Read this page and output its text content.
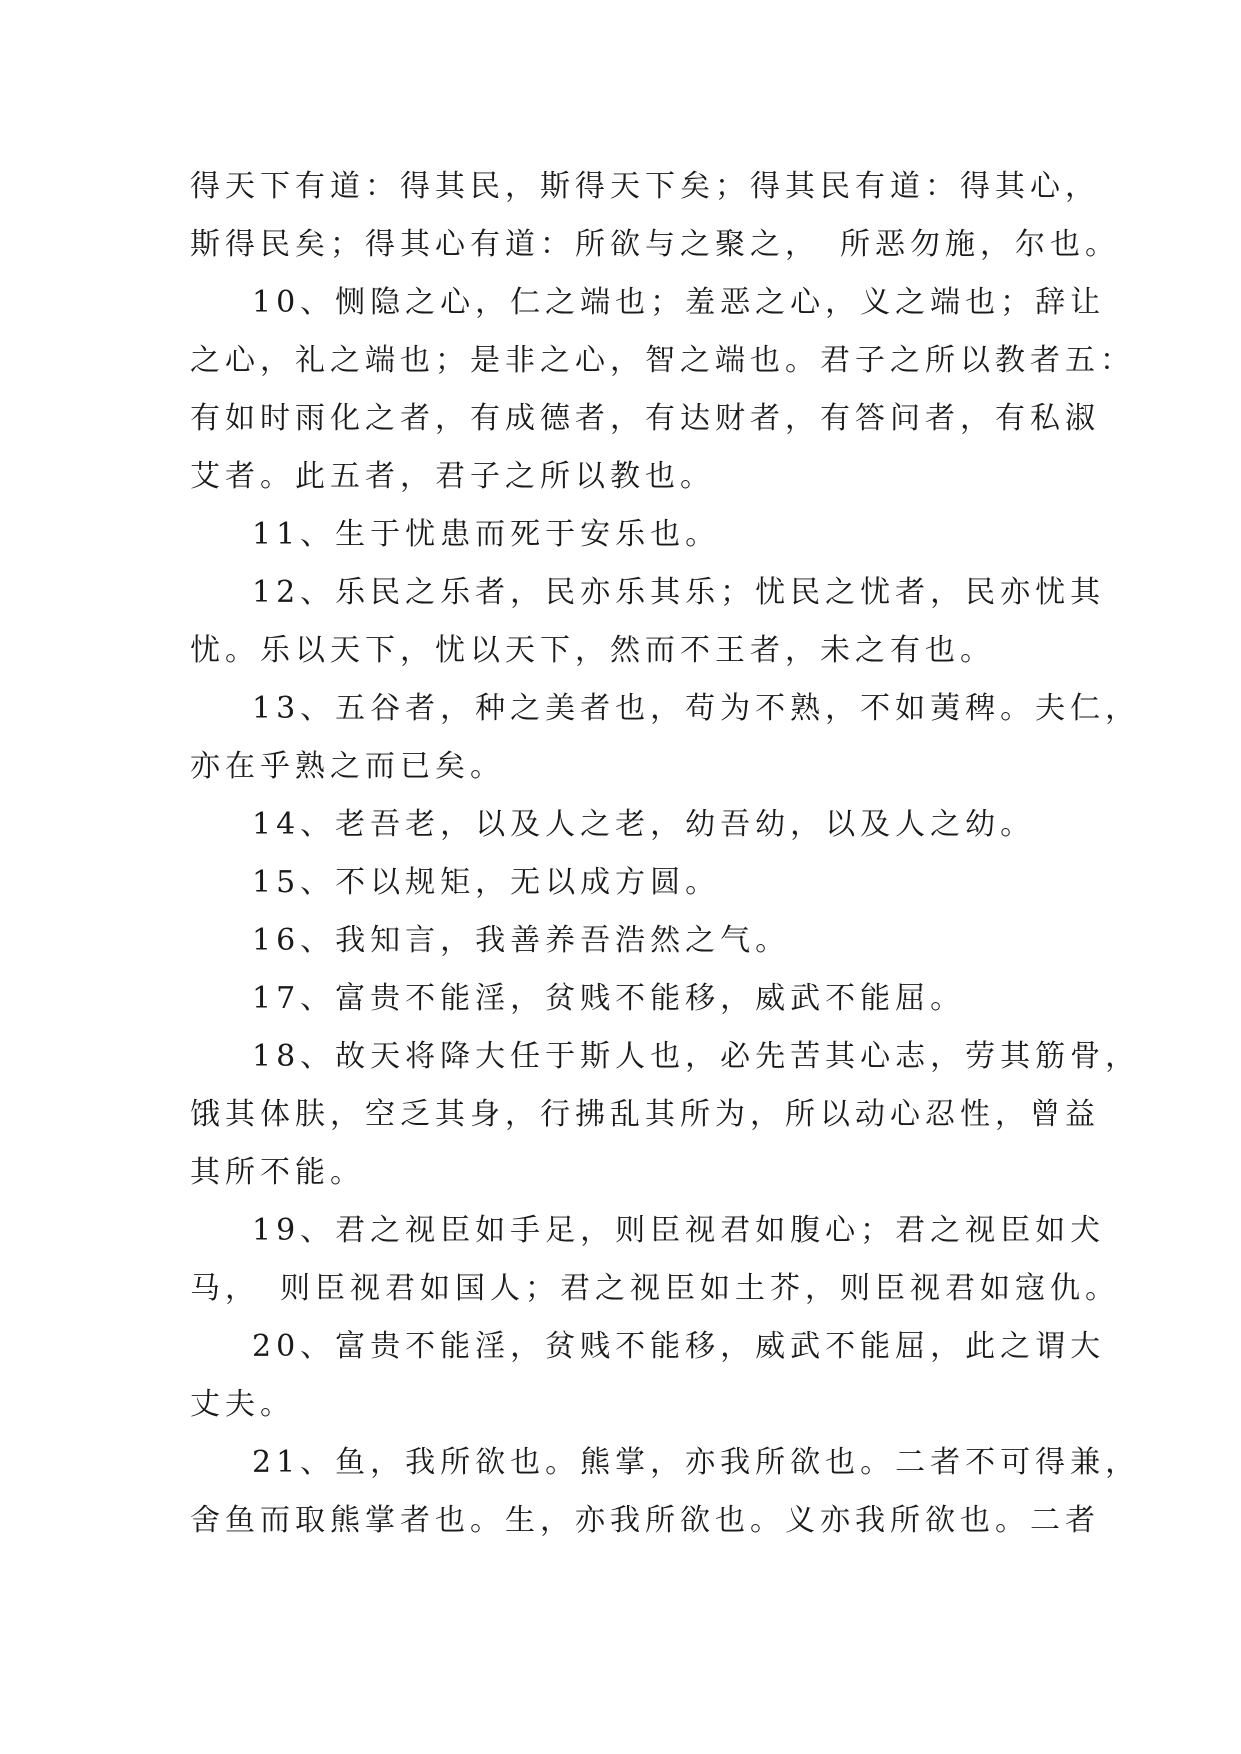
得天下有道：得其民，斯得天下矣；得其民有道：得其心，
斯得民矣；得其心有道：所欲与之聚之，　所恶勿施，尔也。
10、恻隐之心，仁之端也；羞恶之心，义之端也；辞让
之心，礼之端也；是非之心，智之端也。君子之所以教者五：
有如时雨化之者，有成德者，有达财者，有答问者，有私淑
艾者。此五者，君子之所以教也。
11、生于忧患而死于安乐也。
12、乐民之乐者，民亦乐其乐；忧民之忧者，民亦忧其
忧。乐以天下，忧以天下，然而不王者，未之有也。
13、五谷者，种之美者也，苟为不熟，不如荑稗。夫仁，
亦在乎熟之而已矣。
14、老吾老，以及人之老，幼吾幼，以及人之幼。
15、不以规矩，无以成方圆。
16、我知言，我善养吾浩然之气。
17、富贵不能淫，贫贱不能移，威武不能屈。
18、故天将降大任于斯人也，必先苦其心志，劳其筋骨，
饿其体肤，空乏其身，行拂乱其所为，所以动心忍性，曾益
其所不能。
19、君之视臣如手足，则臣视君如腹心；君之视臣如犬
马，　则臣视君如国人；君之视臣如土芥，则臣视君如寇仇。
20、富贵不能淫，贫贱不能移，威武不能屈，此之谓大
丈夫。
21、鱼，我所欲也。熊掌，亦我所欲也。二者不可得兼，
舍鱼而取熊掌者也。生，亦我所欲也。义亦我所欲也。二者
